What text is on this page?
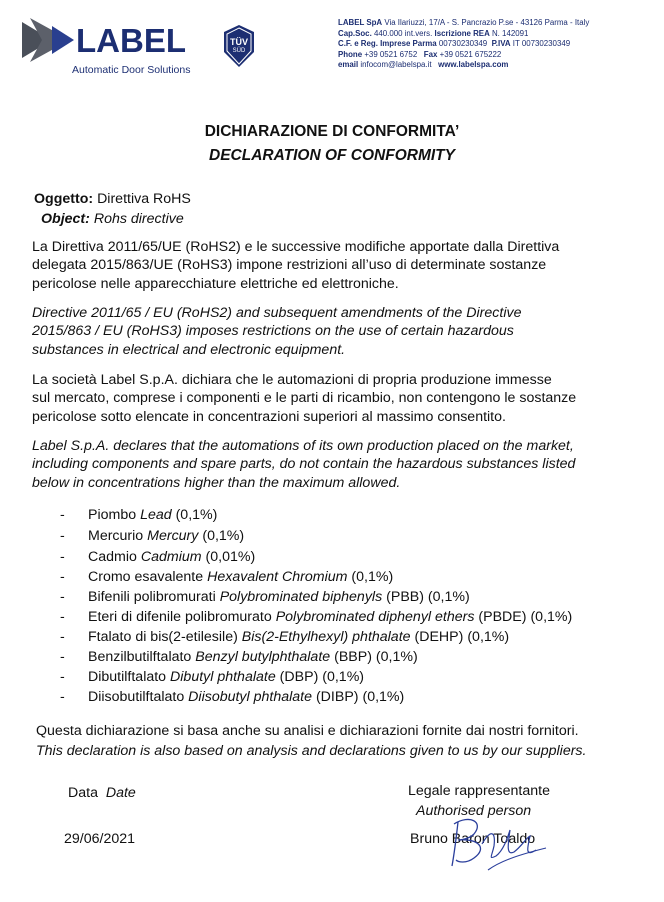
LABEL
Automatic Door Solutions
TÜV
SÜD
LABEL SpA Via Ilariuzzi, 17/A - S. Pancrazio P.se - 43126 Parma - Italy
Cap.Soc. 440.000 int.vers. Iscrizione REA N. 142091
C.F. e Reg. Imprese Parma 00730230349 P.IVA IT 00730230349
Phone +39 0521 6752 Fax +39 0521 675222
email infocom@labelspa.it www.labelspa.com
DICHIARAZIONE DI CONFORMITA’
DECLARATION OF CONFORMITY
Oggetto: Direttiva RoHS
Object: Rohs directive
La Direttiva 2011/65/UE (RoHS2) e le successive modifiche apportate dalla Direttiva
delegata 2015/863/UE (RoHS3) impone restrizioni all’uso di determinate sostanze
pericolose nelle apparecchiature elettriche ed elettroniche.
Directive 2011/65 / EU (RoHS2) and subsequent amendments of the Directive
2015/863 / EU (RoHS3) imposes restrictions on the use of certain hazardous
substances in electrical and electronic equipment.
La società Label S.p.A. dichiara che le automazioni di propria produzione immesse
sul mercato, comprese i componenti e le parti di ricambio, non contengono le sostanze
pericolose sotto elencate in concentrazioni superiori al massimo consentito.
Label S.p.A. declares that the automations of its own production placed on the market,
including components and spare parts, do not contain the hazardous substances listed
below in concentrations higher than the maximum allowed.
- Piombo Lead (0,1%)
- Mercurio Mercury (0,1%)
- Cadmio Cadmium (0,01%)
- Cromo esavalente Hexavalent Chromium (0,1%)
- Bifenili polibromurati Polybrominated biphenyls (PBB) (0,1%)
- Eteri di difenile polibromurato Polybrominated diphenyl ethers (PBDE) (0,1%)
- Ftalato di bis(2-etilesile) Bis(2-Ethylhexyl) phthalate (DEHP) (0,1%)
- Benzilbutilftalato Benzyl butylphthalate (BBP) (0,1%)
- Dibutilftalato Dibutyl phthalate (DBP) (0,1%)
- Diisobutilftalato Diisobutyl phthalate (DIBP) (0,1%)
Questa dichiarazione si basa anche su analisi e dichiarazioni fornite dai nostri fornitori.
This declaration is also based on analysis and declarations given to us by our suppliers.
Data Date
29/06/2021
Legale rappresentante
Authorised person
Bruno Baron Toaldo
